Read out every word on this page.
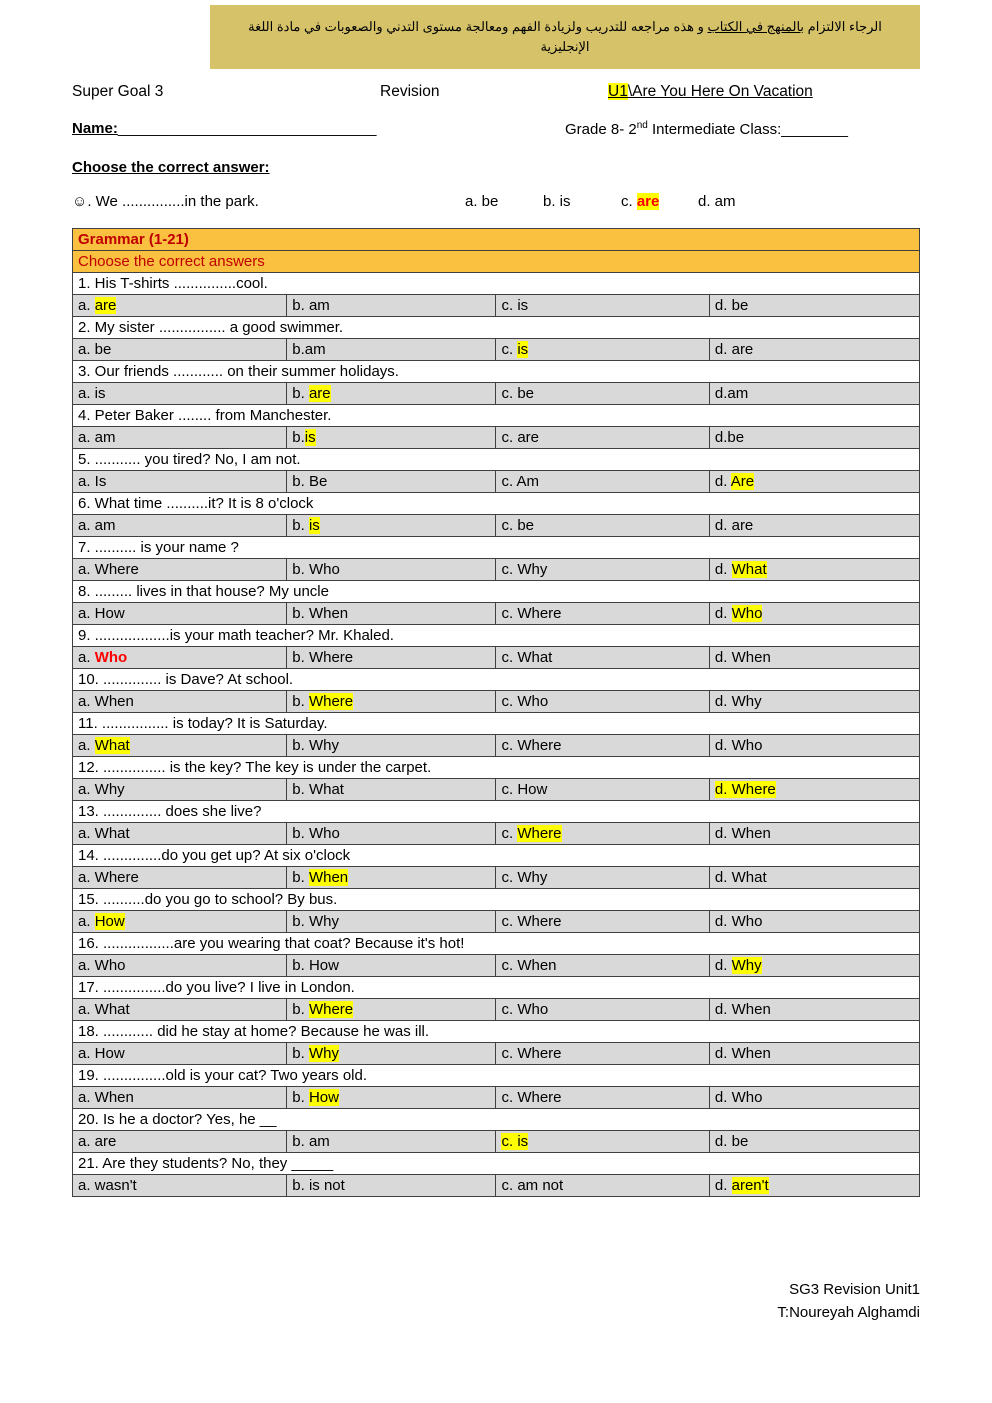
الرجاء الالتزام بالمنهج في الكتاب و هذه مراجعه للتدريب ولزيادة الفهم ومعالجة مستوى التدني والصعوبات في مادة اللغة الإنجليزية
Super Goal 3	Revision	U1\Are You Here On Vacation
Name:_______________________________	Grade 8- 2nd Intermediate Class:________
Choose the correct answer:
☺. We ...............in the park.	a. be	b. is	c. are	d. am
Grammar (1-21)			
Choose the correct answers			
1. His T-shirts ...............cool.			
a. are	b. am	c. is	d. be
2. My sister ................ a good swimmer.			
a. be	b.am	c. is	d. are
3. Our friends ............ on their summer holidays.			
a. is	b. are	c. be	d.am
4. Peter Baker ........ from Manchester.			
a. am	b.is	c. are	d.be
5. ........... you tired? No, I am not.			
a. Is	b. Be	c. Am	d. Are
6. What time ..........it? It is 8 o'clock			
a. am	b. is	c. be	d. are
7. .......... is your name ?			
a. Where	b. Who	c. Why	d. What
8. ......... lives in that house? My uncle			
a. How	b. When	c. Where	d. Who
9. ..................is your math teacher? Mr. Khaled.			
a. Who	b. Where	c. What	d. When
10. .............. is Dave? At school.			
a. When	b. Where	c. Who	d. Why
11. ................ is today? It is Saturday.			
a. What	b. Why	c. Where	d. Who
12. ............... is the key? The key is under the carpet.			
a. Why	b. What	c. How	d. Where
13. .............. does she live?			
a. What	b. Who	c. Where	d. When
14. ..............do you get up? At six o'clock			
a. Where	b. When	c. Why	d. What
15. ..........do you go to school? By bus.			
a. How	b. Why	c. Where	d. Who
16. .................are you wearing that coat? Because it's hot!			
a. Who	b. How	c. When	d. Why
17. ...............do you live? I live in London.			
a. What	b. Where	c. Who	d. When
18. ............ did he stay at home? Because he was ill.			
a. How	b. Why	c. Where	d. When
19. ...............old is your cat? Two years old.			
a. When	b. How	c. Where	d. Who
20. Is he a doctor? Yes, he __			
a. are	b. am	c. is	d. be
21. Are they students? No, they _____			
a. wasn't	b. is not	c. am not	d. aren't
SG3 Revision Unit1
T:Noureyah Alghamdi
